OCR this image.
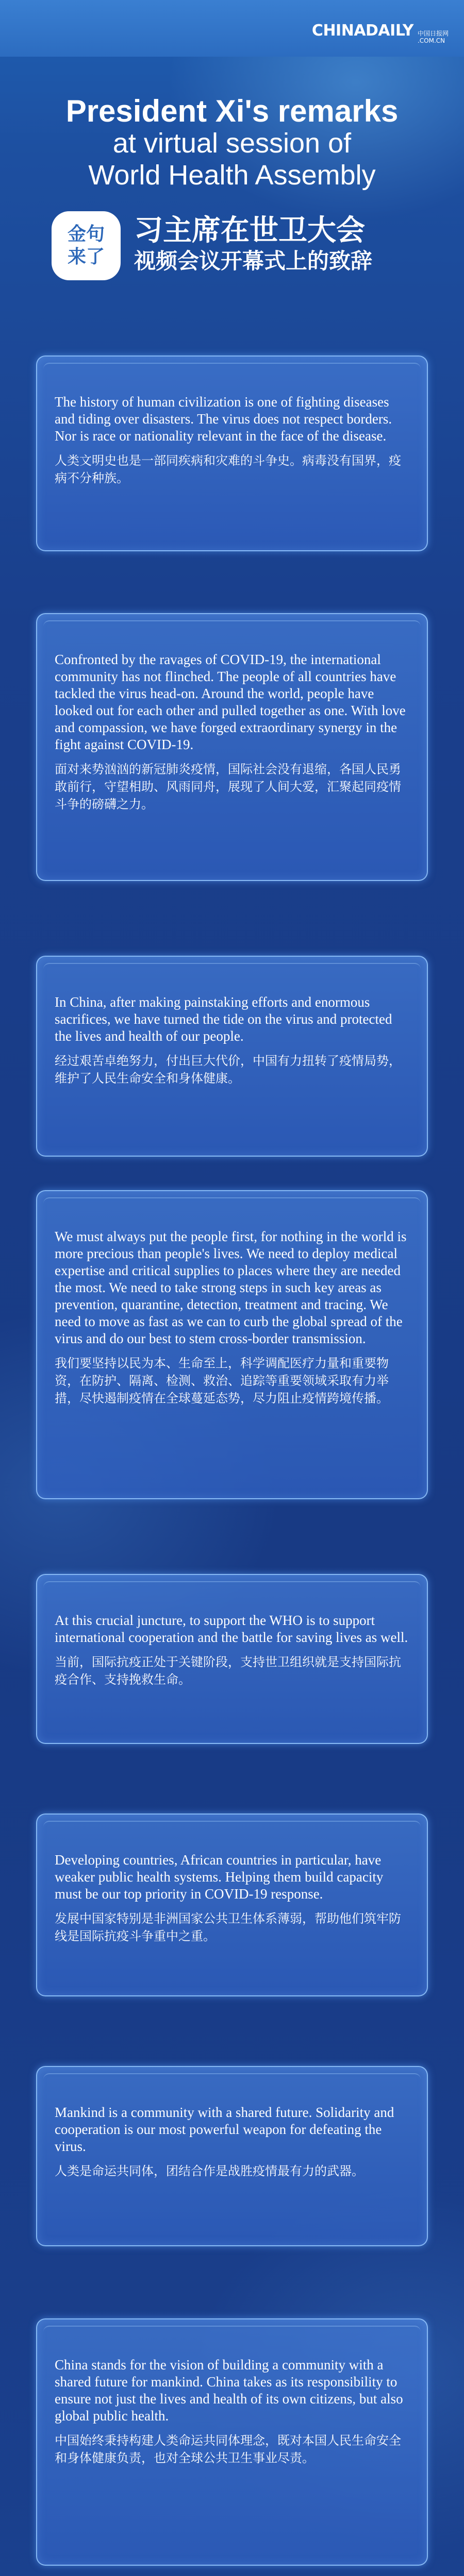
CHINADAILY 中国日报网
.COM.CN
President Xi's remarks
at virtual session of
World Health Assembly
金句
来了
习主席在世卫大会
视频会议开幕式上的致辞

The history of human civilization is one of fighting diseases and tiding over disasters. The virus does not respect borders. Nor is race or nationality relevant in the face of the disease.

人类文明史也是一部同疾病和灾难的斗争史。病毒没有国界，疫病不分种族。

Confronted by the ravages of COVID-19, the international community has not flinched. The people of all countries have tackled the virus head-on. Around the world, people have looked out for each other and pulled together as one. With love and compassion, we have forged extraordinary synergy in the fight against COVID-19.

面对来势汹汹的新冠肺炎疫情，国际社会没有退缩，各国人民勇敢前行，守望相助、风雨同舟，展现了人间大爱，汇聚起同疫情斗争的磅礴之力。

In China, after making painstaking efforts and enormous sacrifices, we have turned the tide on the virus and protected the lives and health of our people.

经过艰苦卓绝努力，付出巨大代价，中国有力扭转了疫情局势，维护了人民生命安全和身体健康。

We must always put the people first, for nothing in the world is more precious than people's lives. We need to deploy medical expertise and critical supplies to places where they are needed the most. We need to take strong steps in such key areas as prevention, quarantine, detection, treatment and tracing. We need to move as fast as we can to curb the global spread of the virus and do our best to stem cross-border transmission.

我们要坚持以民为本、生命至上，科学调配医疗力量和重要物资，在防护、隔离、检测、救治、追踪等重要领域采取有力举措，尽快遏制疫情在全球蔓延态势，尽力阻止疫情跨境传播。

At this crucial juncture, to support the WHO is to support international cooperation and the battle for saving lives as well.

当前，国际抗疫正处于关键阶段，支持世卫组织就是支持国际抗疫合作、支持挽救生命。

Developing countries, African countries in particular, have weaker public health systems. Helping them build capacity must be our top priority in COVID-19 response.

发展中国家特别是非洲国家公共卫生体系薄弱，帮助他们筑牢防线是国际抗疫斗争重中之重。

Mankind is a community with a shared future. Solidarity and cooperation is our most powerful weapon for defeating the virus.

人类是命运共同体，团结合作是战胜疫情最有力的武器。

China stands for the vision of building a community with a shared future for mankind. China takes as its responsibility to ensure not just the lives and health of its own citizens, but also global public health.

中国始终秉持构建人类命运共同体理念，既对本国人民生命安全和身体健康负责，也对全球公共卫生事业尽责。
